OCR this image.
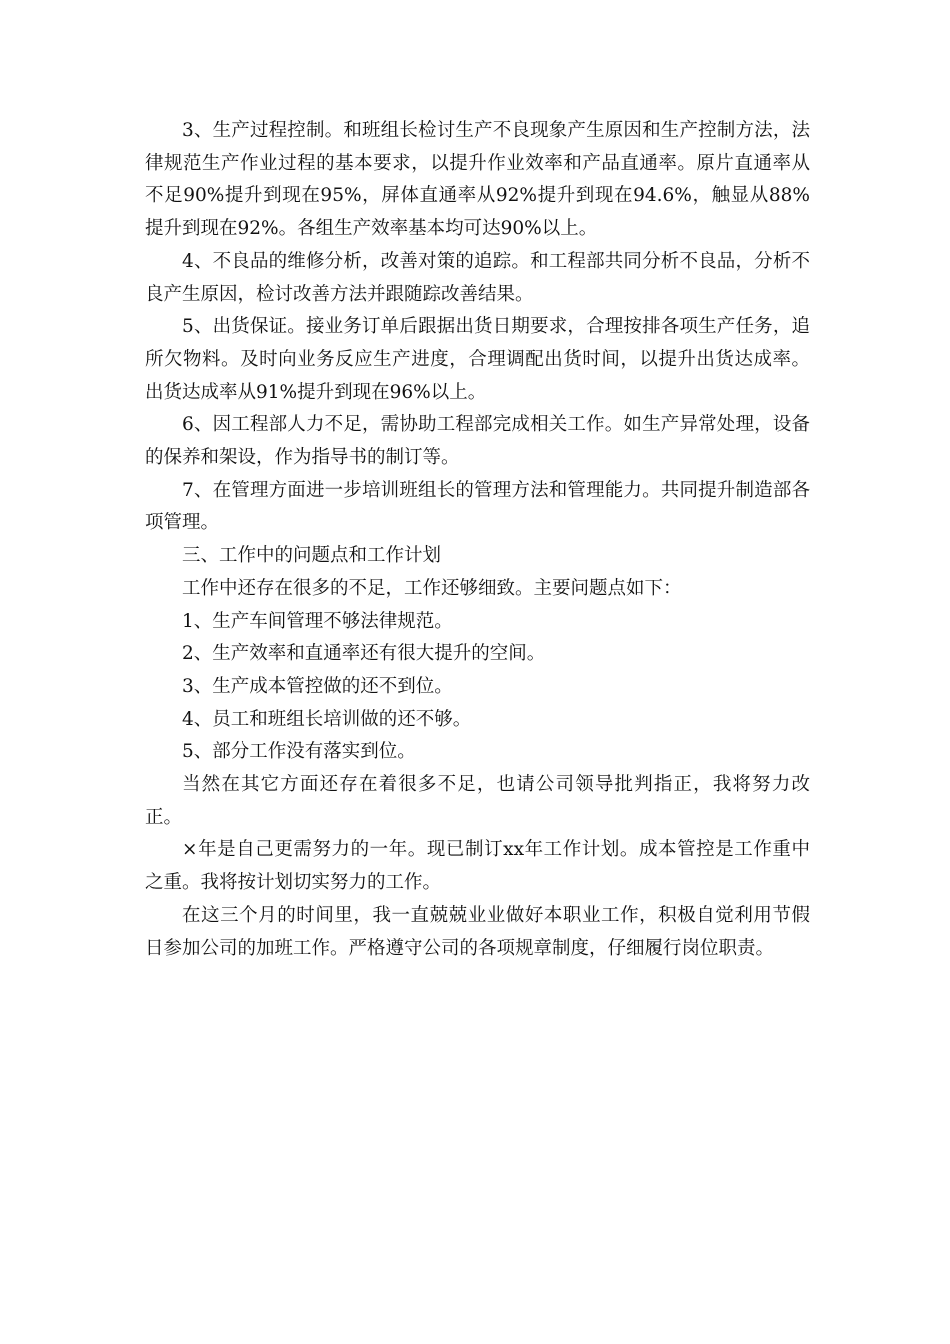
3、生产过程控制。和班组长检讨生产不良现象产生原因和生产控制方法，法律规范生产作业过程的基本要求，以提升作业效率和产品直通率。原片直通率从不足90%提升到现在95%，屏体直通率从92%提升到现在94.6%，触显从88%提升到现在92%。各组生产效率基本均可达90%以上。

4、不良品的维修分析，改善对策的追踪。和工程部共同分析不良品，分析不良产生原因，检讨改善方法并跟随踪改善结果。

5、出货保证。接业务订单后跟据出货日期要求，合理按排各项生产任务，追所欠物料。及时向业务反应生产进度，合理调配出货时间，以提升出货达成率。出货达成率从91%提升到现在96%以上。

6、因工程部人力不足，需协助工程部完成相关工作。如生产异常处理，设备的保养和架设，作为指导书的制订等。

7、在管理方面进一步培训班组长的管理方法和管理能力。共同提升制造部各项管理。

三、工作中的问题点和工作计划

工作中还存在很多的不足，工作还够细致。主要问题点如下：

1、生产车间管理不够法律规范。

2、生产效率和直通率还有很大提升的空间。

3、生产成本管控做的还不到位。

4、员工和班组长培训做的还不够。

5、部分工作没有落实到位。

当然在其它方面还存在着很多不足，也请公司领导批判指正，我将努力改正。

×年是自己更需努力的一年。现已制订xx年工作计划。成本管控是工作重中之重。我将按计划切实努力的工作。

在这三个月的时间里，我一直兢兢业业做好本职业工作，积极自觉利用节假日参加公司的加班工作。严格遵守公司的各项规章制度，仔细履行岗位职责。
